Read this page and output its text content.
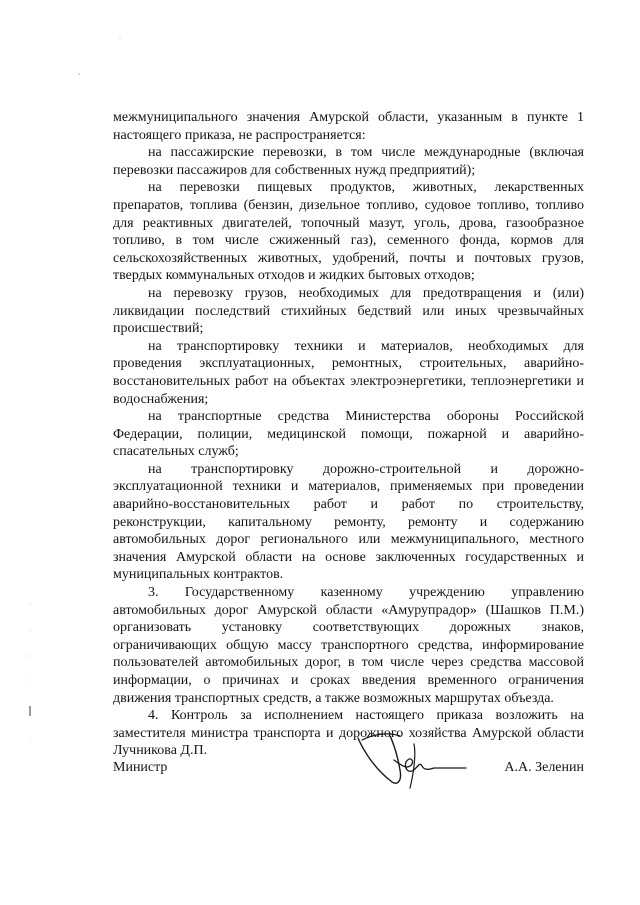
межмуниципального значения Амурской области, указанным в пункте 1
настоящего приказа, не распространяется:
на пассажирские перевозки, в том числе международные (включая
перевозки пассажиров для собственных нужд предприятий);
на перевозки пищевых продуктов, животных, лекарственных
препаратов, топлива (бензин, дизельное топливо, судовое топливо, топливо
для реактивных двигателей, топочный мазут, уголь, дрова, газообразное
топливо, в том числе сжиженный газ), семенного фонда, кормов для
сельскохозяйственных животных, удобрений, почты и почтовых грузов,
твердых коммунальных отходов и жидких бытовых отходов;
на перевозку грузов, необходимых для предотвращения и (или)
ликвидации последствий стихийных бедствий или иных чрезвычайных
происшествий;
на транспортировку техники и материалов, необходимых для
проведения эксплуатационных, ремонтных, строительных, аварийно-
восстановительных работ на объектах электроэнергетики, теплоэнергетики и
водоснабжения;
на транспортные средства Министерства обороны Российской
Федерации, полиции, медицинской помощи, пожарной и аварийно-
спасательных служб;
на транспортировку дорожно-строительной и дорожно-
эксплуатационной техники и материалов, применяемых при проведении
аварийно-восстановительных работ и работ по строительству,
реконструкции, капитальному ремонту, ремонту и содержанию
автомобильных дорог регионального или межмуниципального, местного
значения Амурской области на основе заключенных государственных и
муниципальных контрактов.
3. Государственному казенному учреждению управлению
автомобильных дорог Амурской области «Амурупрадор» (Шашков П.М.)
организовать установку соответствующих дорожных знаков,
ограничивающих общую массу транспортного средства, информирование
пользователей автомобильных дорог, в том числе через средства массовой
информации, о причинах и сроках введения временного ограничения
движения транспортных средств, а также возможных маршрутах объезда.
4. Контроль за исполнением настоящего приказа возложить на
заместителя министра транспорта и дорожного хозяйства Амурской области
Лучникова Д.П.
Министр	А.А. Зеленин
